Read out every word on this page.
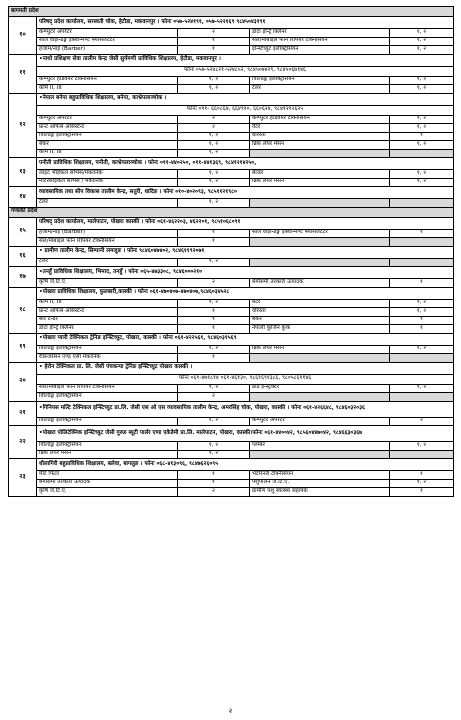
बागमती प्रदेश				
१०	परिषद् प्रदेश कार्यालय, सरस्वती चोक, हेटौडा, मकवानपुर । फोनः ०५७-५२४१९१, ०५७-५२२१६९ ९८४५०४३१९१			
	कम्प्युटर अपरेटर	२	डाटा इन्ट्रि क्लिनर	१, २
	सोल वाइन्डिङ्ग इक्वान्मण्ट फ्यासलटेटर	१	सेल/मोबाइल फोन रिपियर टेक्निसियन	१, २
	हजाम/नाई (Barber)	१	इन्स्टिच्युट इलेक्ट्रिसियन	१, २
११	•नाथो प्रशिक्षण सेवा तालीम केन्द्र जेसी सुर्यमणी प्राविधिक शिक्षालय, हेटौडा, मकवानपुर ।			
	फोनः ०५७-५२४८२१-५२४८५२, ९८४५०७४२९, ९८४५०६७१४६			
	कम्प्युटर हार्डवेयर टेक्निसियन	१, २	विल्डिङ्ग इलेक्ट्रिसियन	१, २
	कमि II, III	१, २	टेलर	१, २
१२	•नेपाल बनेपा बहुप्राविधिक शिक्षालय, बनेपा, काभ्रेपलाञ्चोक ।			
	फोनः ०११- ६६०८६७, ६६४९१०, ६६०६२४, ९८४१२१२६२५			
	कम्प्युटर अपरेटर	२	कम्प्युटर हार्डवेयर टेक्निसियन	१, २
	फ्रन्ट अफिस असिस्टेन्ट	२	वेटर	१, २
	विल्डिङ्ग इलेक्ट्रिसियन	१, २	बरिस्ता	१
	बेकर	१, २	ब्रिक लेयर मेसन	१, २
	कमि II, III	१, २		
१३	पनौती प्राविधिक शिक्षालय, पनौती, काभ्रेपलाञ्चोक । फोनः ०११-४४०२५०, ०११-४४१३६९, ९८४१२१४२५०,			
	लाइट भेहिकल सर्भिस/मेकानिक	१, २	बेल्डर	१, २
	मोटरसाइकल सर्भिस / मेकानिक	१, २	ब्रिक लेयर मेसन	१, २
१४	व्यावसायिक तथा सीप विकास तालीम केन्द्र, सतुरी, धादिङ । फोनः ०१०-४०२०९३, ९८५११२१९८०			
	टेलर	१, २		
गण्डकी प्रदेश				
१५	परिषद् प्रदेश कार्यालय, मालेपाटन, पोखरा कास्की । फोनः ०६१-४६२२०३, ४६२२०१, ९८५१०६८०९१			
	हजाम/नाई (Barber)	१	सोल वाइन्डिङ्ग इक्वान्मण्ट फ्यासलटेटर	१
	सेल/मोबाइल फोन रिपियर टेक्निसियन	१		
१६	• ग्रामीण तालीम केन्द्र, सिम्पानी लमजुङ । फोनः ९८४६०४७४०२, ९८४६११९२०७१			
	टेलर	१, २		
१७	•तनहुँ प्राविधिक शिक्षालय, भिमाद, तनहुँ । फोनः ०६५-४७३३०८, ९८४६०००२१०			
	कृषि जे.टि.ए.	२	बेमौसमी तरकारी उत्पादक	१
१८	•पोखरा प्राविधिक शिक्षालय, फुलबारी,कास्की । फोनः ०६१-४७०४०७-४७०४०७,९८४६०३४५२८			
	कमि II, III	१, २	बेटर	१, २
	फ्रन्ट अफिस असिस्टेन्ट	१	वरिस्ता	१, २
	बार टेन्डर	१	बेकर	१
	डाटा इन्ट्रि क्लिनर	१	नेपाली कुजिन कुक	१
१९	•पोखरा प्यारी टेक्निकल ट्रेनिङ इन्स्टिच्युट, पोखरा, कास्की । फोनः ०६१-४२२५६१, ९८४६०३१५६९			
	विल्डिङ्ग इलेक्ट्रिसियन	१, २	ब्रिक लेयर मेसन	१, २
	रेफ्रिजरेसन एण्ड एसी मेकानिक	१		
२०	• हेरोन टेक्निकल प्रा. लि. जेसी पंचकन्या ट्रेनिङ इन्स्टिच्युट पोखरा कास्की ।			
	फोनः ०६१-४७१८१४ ०६१-४६१३०, ९८६१६९१३८६, ९८०५८६११४६			
	सेल/मोबाइल फोन रिपियर टेक्निसियन	१, २	ढाड इन्स्ट्रक्टर	१, २
	विल्डिङ्ग इलेक्ट्रिसियन	२		
२१	•गिनियस मल्टि टेक्निकल इन्स्टिच्युट प्रा.लि. जेसी एस ओ एस व्यावसायिक तालीम केन्द्र, अमरसिंह चोक, पोखरा, कास्की । फोनः ०६१-४२६६४८, ९८४६०३२०३६			
	विल्डिङ्ग इलेक्ट्रिसियन	१, २	कम्प्युटर अपरेटर	२
२२	•पोखरा पोलिटेक्निक इन्स्टिच्युट जेसी गुरुङ ब्यूटी पार्लर एण्ड एकेडेमी प्रा.लि. मालेपाटन, पोखरा, कास्की।फोनः ०६१-४४००४२, ९८५६०४४७०४२, ९८४६६३०३६७			
	विल्डिङ्ग इलेक्ट्रिसियन	१, २	प्लम्बर	१, २
	ब्रिक लेयर मेसन	१, २		
२३	धौलागिरी बहुप्राविधिक शिक्षालय, बलेवा, बागलुङ । फोनः ०६८-४१३०९६, ९८४७६२६०९५			
	मेटि फिटर	१	भेटेरिनरी टेक्निसियन	१
	बेमौसमी तरकारी उत्पादक	१	पशुपालन जे.टि.ए.	१, २
	कृषि जे.टि.ए.	२	ग्रामीण पशु स्वास्थ्य सहायक	१
२
